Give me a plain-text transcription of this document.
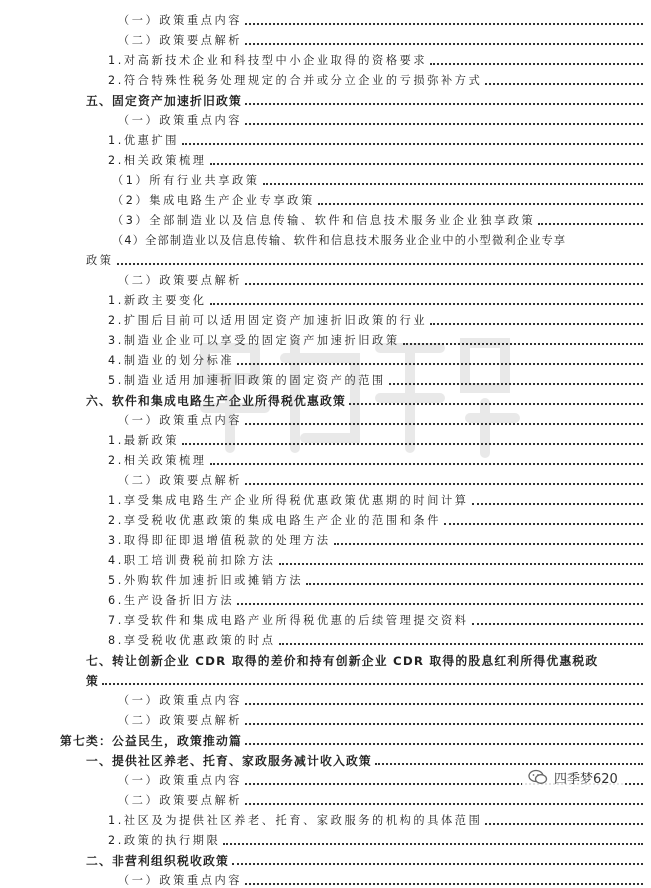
（一）政策重点内容
（二）政策要点解析
1.对高新技术企业和科技型中小企业取得的资格要求
2.符合特殊性税务处理规定的合并或分立企业的亏损弥补方式
五、固定资产加速折旧政策
（一）政策重点内容
1.优惠扩围
2.相关政策梳理
（1）所有行业共享政策
（2）集成电路生产企业专享政策
（3）全部制造业以及信息传输、软件和信息技术服务业企业独享政策
（4）全部制造业以及信息传输、软件和信息技术服务业企业中的小型微利企业专享
政策
（二）政策要点解析
1.新政主要变化
2.扩围后目前可以适用固定资产加速折旧政策的行业
3.制造业企业可以享受的固定资产加速折旧政策
4.制造业的划分标准
5.制造业适用加速折旧政策的固定资产的范围
六、软件和集成电路生产企业所得税优惠政策
（一）政策重点内容
1.最新政策
2.相关政策梳理
（二）政策要点解析
1.享受集成电路生产企业所得税优惠政策优惠期的时间计算
2.享受税收优惠政策的集成电路生产企业的范围和条件
3.取得即征即退增值税款的处理方法
4.职工培训费税前扣除方法
5.外购软件加速折旧或摊销方法
6.生产设备折旧方法
7.享受软件和集成电路产业所得税优惠的后续管理提交资料
8.享受税收优惠政策的时点
七、转让创新企业 CDR 取得的差价和持有创新企业 CDR 取得的股息红利所得优惠税政
策
（一）政策重点内容
（二）政策要点解析
第七类：公益民生，政策推动篇
一、提供社区养老、托育、家政服务减计收入政策
（一）政策重点内容
（二）政策要点解析
1.社区及为提供社区养老、托育、家政服务的机构的具体范围
2.政策的执行期限
二、非营利组织税收政策
（一）政策重点内容
四季梦620
